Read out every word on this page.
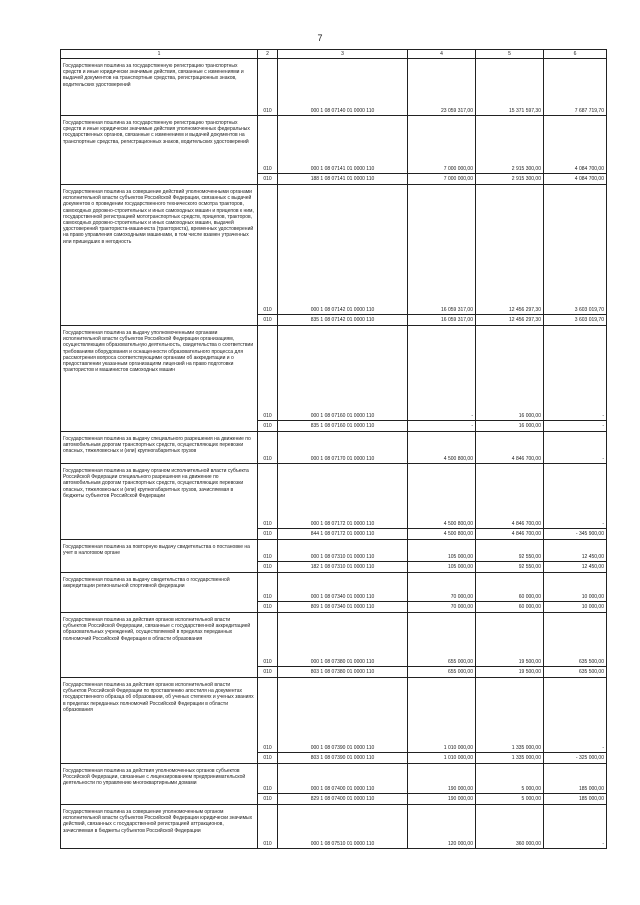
7
1	2	3	4	5	6
Государственная пошлина за государственную регистрацию транспортных средств и иные юридически значимые действия, связанные с изменениями и выдачей документов на транспортные средства, регистрационных знаков, водительских удостоверений	010	000 1 08 07140 01 0000 110	23 059 317,00	15 371 597,30	7 687 719,70
Государственная пошлина за государственную регистрацию транспортных средств и иные юридически значимые действия уполномоченных федеральных государственных органов, связанные с изменением и выдачей документов на транспортные средства, регистрационных знаков, водительских удостоверений	010	000 1 08 07141 01 0000 110	7 000 000,00	2 915 300,00	4 084 700,00
	010	188 1 08 07141 01 0000 110	7 000 000,00	2 915 300,00	4 084 700,00
Государственная пошлина за совершение действий уполномоченными органами исполнительной власти субъектов Российской Федерации, связанных с выдачей документов о проведении государственного технического осмотра тракторов, самоходных дорожно-строительных и иных самоходных машин и прицепов к ним, государственной регистрацией мототранспортных средств, прицепов, тракторов, самоходных дорожно-строительных и иных самоходных машин, выдачей удостоверений тракториста-машиниста (тракториста), временных удостоверений на право управления самоходными машинами, в том числе взамен утраченных или пришедших в негодность	010	000 1 08 07142 01 0000 110	16 059 317,00	12 456 297,30	3 603 019,70
	010	835 1 08 07142 01 0000 110	16 059 317,00	12 456 297,30	3 603 019,70
Государственная пошлина за выдачу уполномоченными органами исполнительной власти субъектов Российской Федерации организациям, осуществляющим образовательную деятельность, свидетельства о соответствии требованиям оборудования и оснащенности образовательного процесса для рассмотрения вопроса соответствующими органами об аккредитации и о предоставлении указанным организациям лицензий на право подготовки трактористов и машинистов самоходных машин	010	000 1 08 07160 01 0000 110	-	16 000,00	-
	010	835 1 08 07160 01 0000 110	-	16 000,00	-
Государственная пошлина за выдачу специального разрешения на движение по автомобильным дорогам транспортных средств, осуществляющих перевозки опасных, тяжеловесных и (или) крупногабаритных грузов	010	000 1 08 07170 01 0000 110	4 500 800,00	4 846 700,00	-
Государственная пошлина за выдачу органом исполнительной власти субъекта Российской Федерации специального разрешения на движение по автомобильным дорогам транспортных средств, осуществляющих перевозки опасных, тяжеловесных и (или) крупногабаритных грузов, зачисляемая в бюджеты субъектов Российской Федерации	010	000 1 08 07172 01 0000 110	4 500 800,00	4 846 700,00	-
	010	844 1 08 07172 01 0000 110	4 500 800,00	4 846 700,00	- 345 900,00
Государственная пошлина за повторную выдачу свидетельства о постановке на учет в налоговом органе	010	000 1 08 07310 01 0000 110	105 000,00	92 550,00	12 450,00
	010	182 1 08 07310 01 0000 110	105 000,00	92 550,00	12 450,00
Государственная пошлина за выдачу свидетельства о государственной аккредитации региональной спортивной федерации	010	000 1 08 07340 01 0000 110	70 000,00	60 000,00	10 000,00
	010	809 1 08 07340 01 0000 110	70 000,00	60 000,00	10 000,00
Государственная пошлина за действия органов исполнительной власти субъектов Российской Федерации, связанные с государственной аккредитацией образовательных учреждений, осуществляемой в пределах переданных полномочий Российской Федерации в области образования	010	000 1 08 07380 01 0000 110	655 000,00	19 500,00	635 500,00
	010	803 1 08 07380 01 0000 110	655 000,00	19 500,00	635 500,00
Государственная пошлина за действия органов исполнительной власти субъектов Российской Федерации по проставлению апостиля на документах государственного образца об образовании, об ученых степенях и ученых званиях в пределах переданных полномочий Российской Федерации в области образования	010	000 1 08 07390 01 0000 110	1 010 000,00	1 335 000,00	-
	010	803 1 08 07390 01 0000 110	1 010 000,00	1 335 000,00	- 325 000,00
Государственная пошлина за действия уполномоченных органов субъектов Российской Федерации, связанные с лицензированием предпринимательской деятельности по управлению многоквартирными домами	010	000 1 08 07400 01 0000 110	190 000,00	5 000,00	185 000,00
	010	829 1 08 07400 01 0000 110	190 000,00	5 000,00	185 000,00
Государственная пошлина за совершение уполномоченным органом исполнительной власти субъектов Российской Федерации юридически значимых действий, связанных с государственной регистрацией аттракционов, зачисляемая в бюджеты субъектов Российской Федерации	010	000 1 08 07510 01 0000 110	120 000,00	360 000,00	-
